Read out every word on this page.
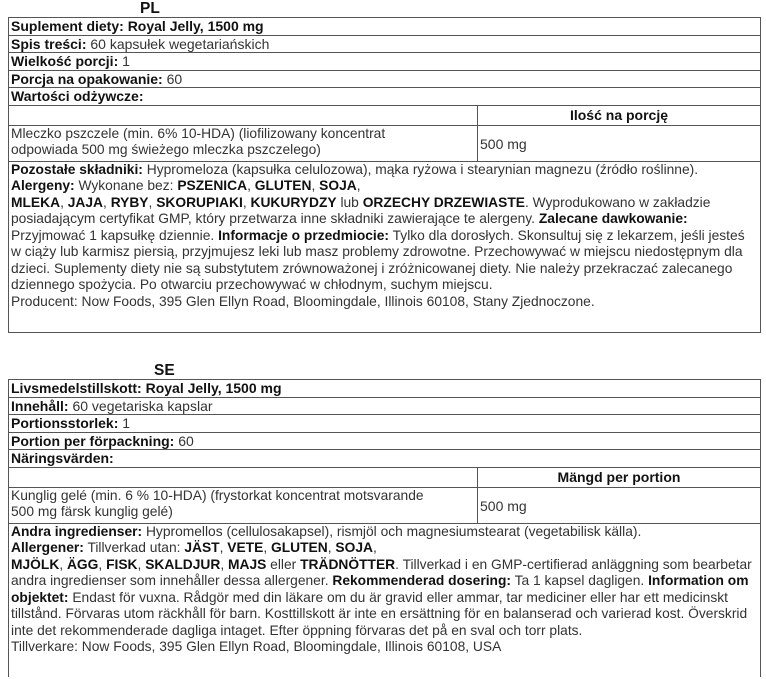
PL
Suplement diety: Royal Jelly, 1500 mg
Spis treści: 60 kapsułek wegetariańskich
Wielkość porcji: 1
Porcja na opakowanie: 60
Wartości odżywcze:
Ilość na porcję
Mleczko pszczele (min. 6% 10-HDA) (liofilizowany koncentrat
odpowiada 500 mg świeżego mleczka pszczelego)	500 mg
Pozostałe składniki: Hypromeloza (kapsułka celulozowa), mąka ryżowa i stearynian magnezu (źródło roślinne).
Alergeny: Wykonane bez: PSZENICA, GLUTEN, SOJA,
MLEKA, JAJA, RYBY, SKORUPIAKI, KUKURYDZY lub ORZECHY DRZEWIASTE. Wyprodukowano w zakładzie posiadającym certyfikat GMP, który przetwarza inne składniki zawierające te alergeny. Zalecane dawkowanie: Przyjmować 1 kapsułkę dziennie. Informacje o przedmiocie: Tylko dla dorosłych. Skonsultuj się z lekarzem, jeśli jesteś w ciąży lub karmisz piersią, przyjmujesz leki lub masz problemy zdrowotne. Przechowywać w miejscu niedostępnym dla dzieci. Suplementy diety nie są substytutem zrównoważonej i zróżnicowanej diety. Nie należy przekraczać zalecanego dziennego spożycia. Po otwarciu przechowywać w chłodnym, suchym miejscu.
Producent: Now Foods, 395 Glen Ellyn Road, Bloomingdale, Illinois 60108, Stany Zjednoczone.
SE
Livsmedelstillskott: Royal Jelly, 1500 mg
Innehåll: 60 vegetariska kapslar
Portionsstorlek: 1
Portion per förpackning: 60
Näringsvärden:
Mängd per portion
Kunglig gelé (min. 6 % 10-HDA) (frystorkat koncentrat motsvarande
500 mg färsk kunglig gelé)	500 mg
Andra ingredienser: Hypromellos (cellulosakapsel), rismjöl och magnesiumstearat (vegetabilisk källa).
Allergener: Tillverkad utan: JÄST, VETE, GLUTEN, SOJA,
MJÖLK, ÄGG, FISK, SKALDJUR, MAJS eller TRÄDNÖTTER. Tillverkad i en GMP-certifierad anläggning som bearbetar andra ingredienser som innehåller dessa allergener. Rekommenderad dosering: Ta 1 kapsel dagligen. Information om objektet: Endast för vuxna. Rådgör med din läkare om du är gravid eller ammar, tar mediciner eller har ett medicinskt tillstånd. Förvaras utom räckhåll för barn. Kosttillskott är inte en ersättning för en balanserad och varierad kost. Överskrid inte det rekommenderade dagliga intaget. Efter öppning förvaras det på en sval och torr plats.
Tillverkare: Now Foods, 395 Glen Ellyn Road, Bloomingdale, Illinois 60108, USA
